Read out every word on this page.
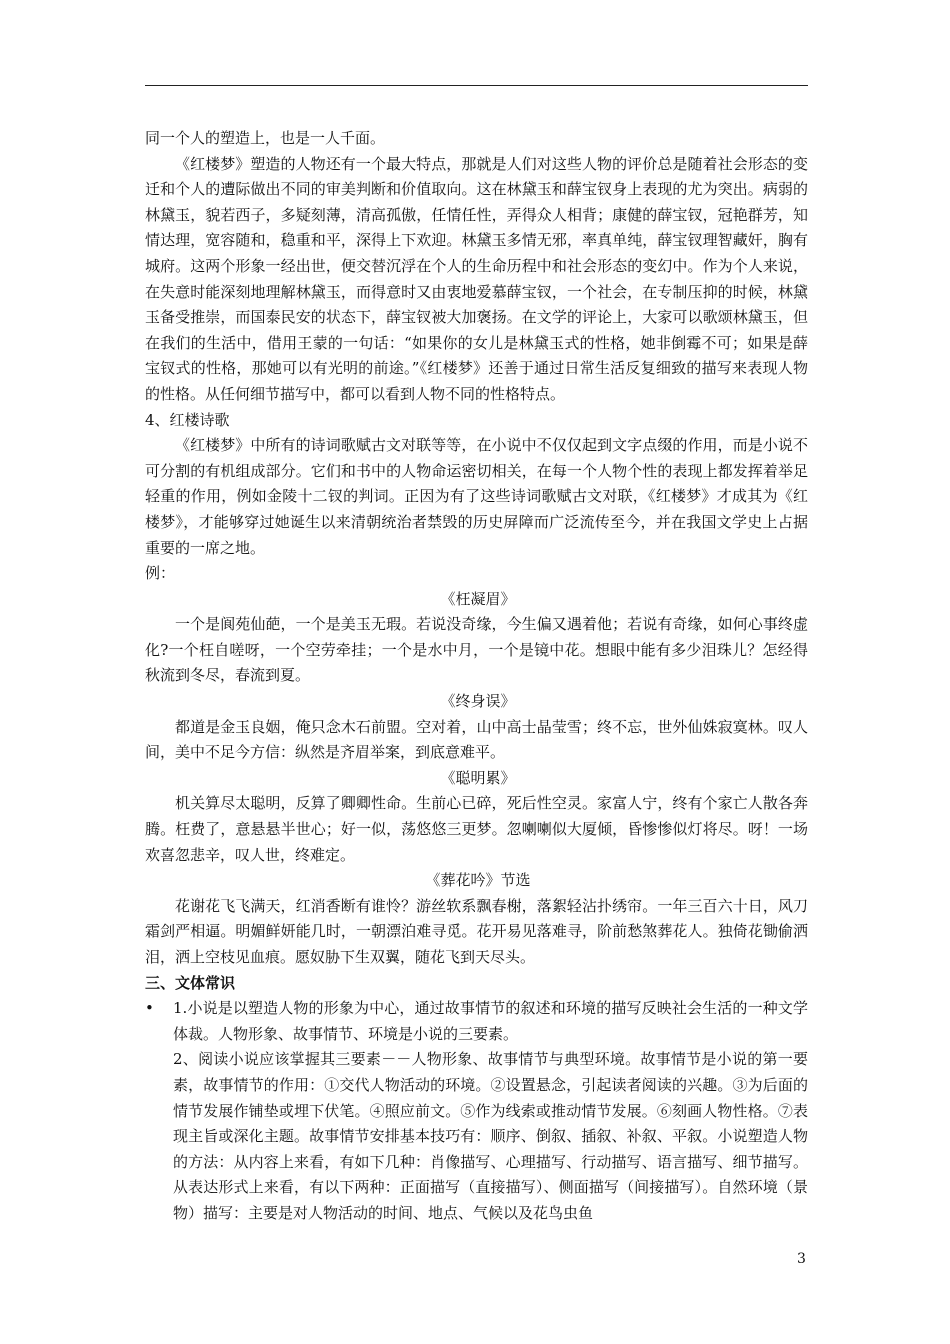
同一个人的塑造上，也是一人千面。

《红楼梦》塑造的人物还有一个最大特点，那就是人们对这些人物的评价总是随着社会形态的变迁和个人的遭际做出不同的审美判断和价值取向。这在林黛玉和薛宝钗身上表现的尤为突出。病弱的林黛玉，貌若西子，多疑刻薄，清高孤傲，任情任性，弄得众人相背；康健的薛宝钗，冠艳群芳，知情达理，宽容随和，稳重和平，深得上下欢迎。林黛玉多情无邪，率真单纯，薛宝钗理智藏奸，胸有城府。这两个形象一经出世，便交替沉浮在个人的生命历程中和社会形态的变幻中。作为个人来说，在失意时能深刻地理解林黛玉，而得意时又由衷地爱慕薛宝钗，一个社会，在专制压抑的时候，林黛玉备受推崇，而国泰民安的状态下，薛宝钗被大加褒扬。在文学的评论上，大家可以歌颂林黛玉，但在我们的生活中，借用王蒙的一句话：“如果你的女儿是林黛玉式的性格，她非倒霉不可；如果是薛宝钗式的性格，那她可以有光明的前途。”《红楼梦》还善于通过日常生活反复细致的描写来表现人物的性格。从任何细节描写中，都可以看到人物不同的性格特点。

4、红楼诗歌

《红楼梦》中所有的诗词歌赋古文对联等等，在小说中不仅仅起到文字点缀的作用，而是小说不可分割的有机组成部分。它们和书中的人物命运密切相关，在每一个人物个性的表现上都发挥着举足轻重的作用，例如金陵十二钗的判词。正因为有了这些诗词歌赋古文对联，《红楼梦》才成其为《红楼梦》，才能够穿过她诞生以来清朝统治者禁毁的历史屏障而广泛流传至今，并在我国文学史上占据重要的一席之地。

例：

《枉凝眉》

一个是阆苑仙葩，一个是美玉无瑕。若说没奇缘，今生偏又遇着他；若说有奇缘，如何心事终虚化?一个枉自嗟呀，一个空劳牵挂；一个是水中月，一个是镜中花。想眼中能有多少泪珠儿？怎经得秋流到冬尽，春流到夏。

《终身误》

都道是金玉良姻，俺只念木石前盟。空对着，山中高士晶莹雪；终不忘，世外仙姝寂寞林。叹人间，美中不足今方信：纵然是齐眉举案，到底意难平。

《聪明累》

机关算尽太聪明，反算了卿卿性命。生前心已碎，死后性空灵。家富人宁，终有个家亡人散各奔腾。枉费了，意悬悬半世心；好一似，荡悠悠三更梦。忽喇喇似大厦倾，昏惨惨似灯将尽。呀！一场欢喜忽悲辛，叹人世，终难定。

《葬花吟》节选

花谢花飞飞满天，红消香断有谁怜？游丝软系飘春榭，落絮轻沾扑绣帘。一年三百六十日，风刀霜剑严相逼。明媚鲜妍能几时，一朝漂泊难寻觅。花开易见落难寻，阶前愁煞葬花人。独倚花锄偷洒泪，洒上空枝见血痕。愿奴胁下生双翼，随花飞到天尽头。

三、文体常识

• 1.小说是以塑造人物的形象为中心，通过故事情节的叙述和环境的描写反映社会生活的一种文学体裁。人物形象、故事情节、环境是小说的三要素。

2、阅读小说应该掌握其三要素－－人物形象、故事情节与典型环境。故事情节是小说的第一要素，故事情节的作用：①交代人物活动的环境。②设置悬念，引起读者阅读的兴趣。③为后面的情节发展作铺垫或埋下伏笔。④照应前文。⑤作为线索或推动情节发展。⑥刻画人物性格。⑦表现主旨或深化主题。故事情节安排基本技巧有：顺序、倒叙、插叙、补叙、平叙。小说塑造人物的方法：从内容上来看，有如下几种：肖像描写、心理描写、行动描写、语言描写、细节描写。从表达形式上来看，有以下两种：正面描写（直接描写）、侧面描写（间接描写）。自然环境（景物）描写：主要是对人物活动的时间、地点、气候以及花鸟虫鱼

3
